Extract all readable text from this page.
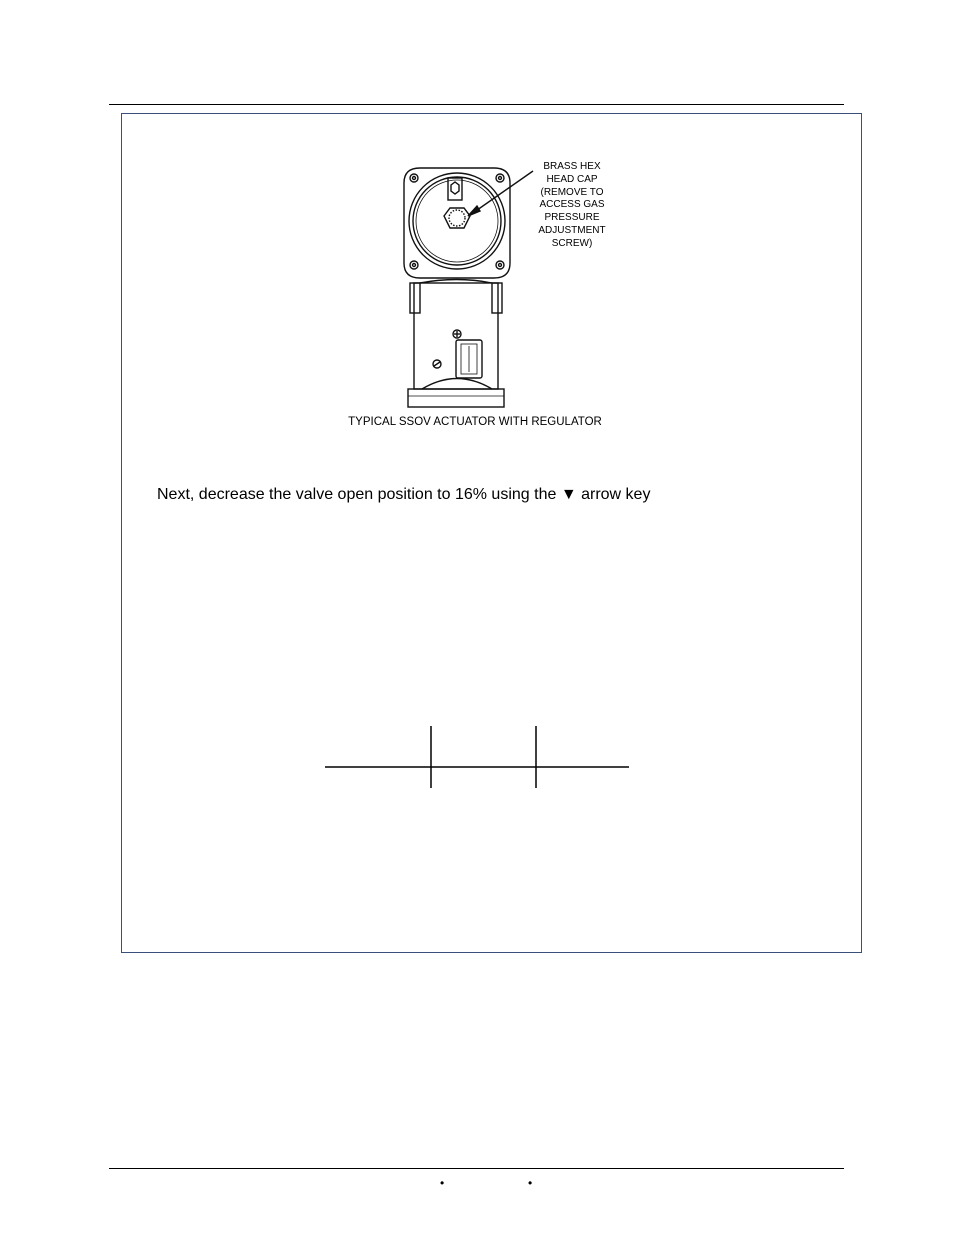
BRASS HEX
HEAD CAP
(REMOVE TO
ACCESS GAS
PRESSURE
ADJUSTMENT
SCREW)
TYPICAL SSOV ACTUATOR WITH REGULATOR
Next, decrease the valve open position to 16% using the ▼ arrow key
•	•
